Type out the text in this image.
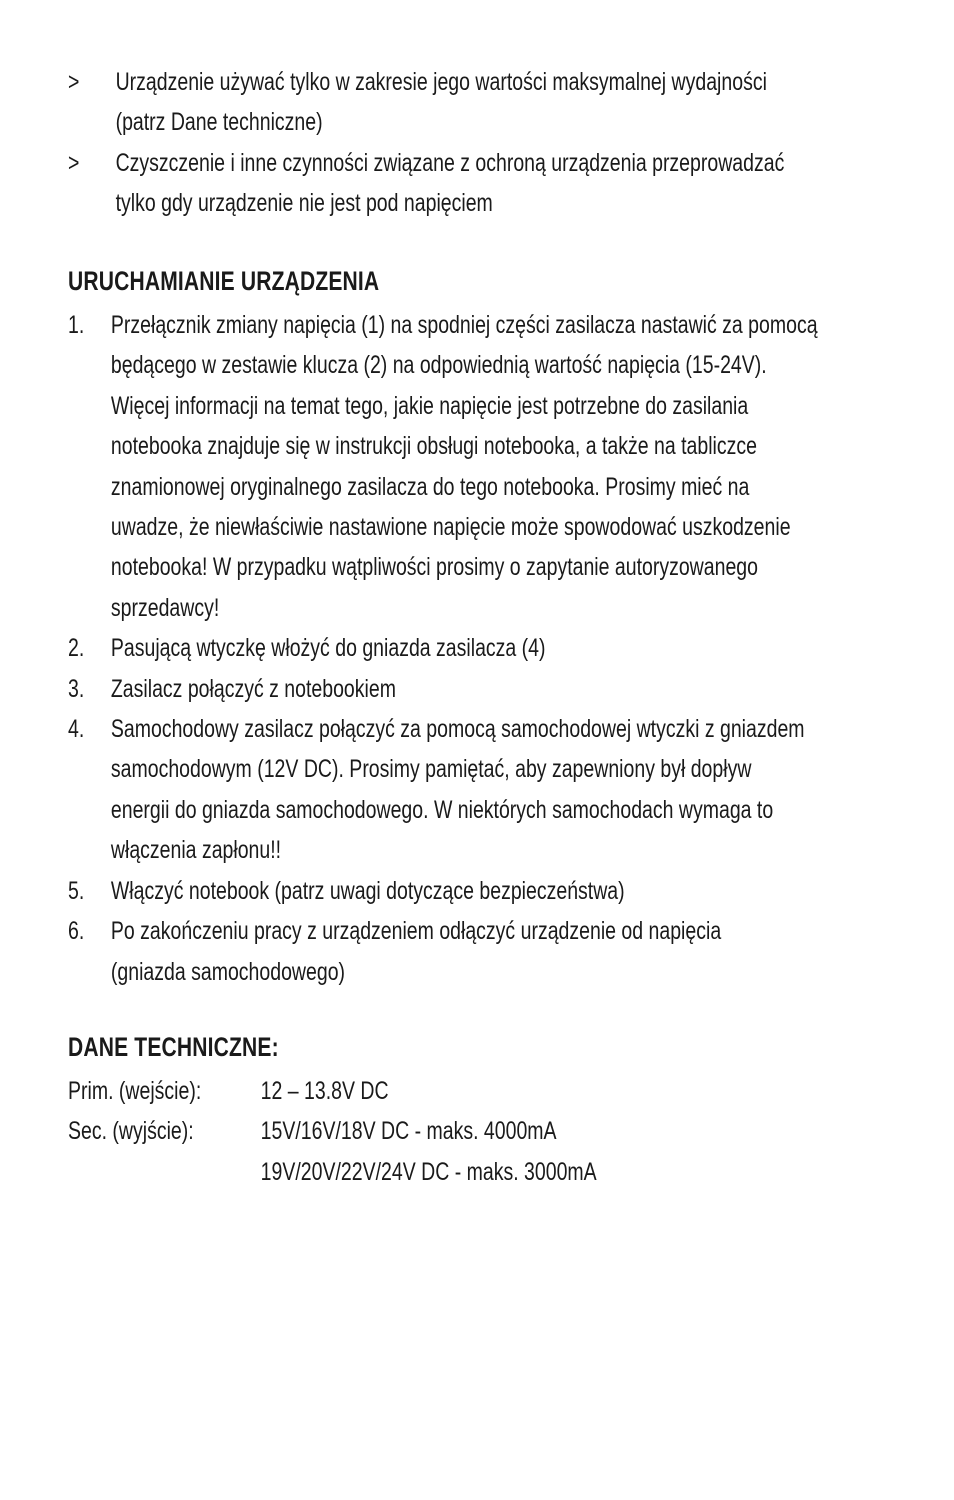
>	Urządzenie używać tylko w zakresie jego wartości maksymalnej wydajności
(patrz Dane techniczne)
>	Czyszczenie i inne czynności związane z ochroną urządzenia przeprowadzać
tylko gdy urządzenie nie jest pod napięciem
URUCHAMIANIE URZĄDZENIA
1.	Przełącznik zmiany napięcia (1) na spodniej części zasilacza nastawić za pomocą
będącego w zestawie klucza (2) na odpowiednią wartość napięcia (15-24V).
Więcej informacji na temat tego, jakie napięcie jest potrzebne do zasilania
notebooka znajduje się w instrukcji obsługi notebooka, a także na tabliczce
znamionowej oryginalnego zasilacza do tego notebooka. Prosimy mieć na
uwadze, że niewłaściwie nastawione napięcie może spowodować uszkodzenie
notebooka! W przypadku wątpliwości prosimy o zapytanie autoryzowanego
sprzedawcy!
2.	Pasującą wtyczkę włożyć do gniazda zasilacza (4)
3.	Zasilacz połączyć z notebookiem
4.	Samochodowy zasilacz połączyć za pomocą samochodowej wtyczki z gniazdem
samochodowym (12V DC). Prosimy pamiętać, aby zapewniony był dopływ
energii do gniazda samochodowego. W niektórych samochodach wymaga to
włączenia zapłonu!!
5.	Włączyć notebook (patrz uwagi dotyczące bezpieczeństwa)
6.	Po zakończeniu pracy z urządzeniem odłączyć urządzenie od napięcia
(gniazda samochodowego)
DANE TECHNICZNE:
Prim. (wejście):	12 – 13.8V DC
Sec. (wyjście):	15V/16V/18V DC - maks. 4000mA
19V/20V/22V/24V DC - maks. 3000mA
